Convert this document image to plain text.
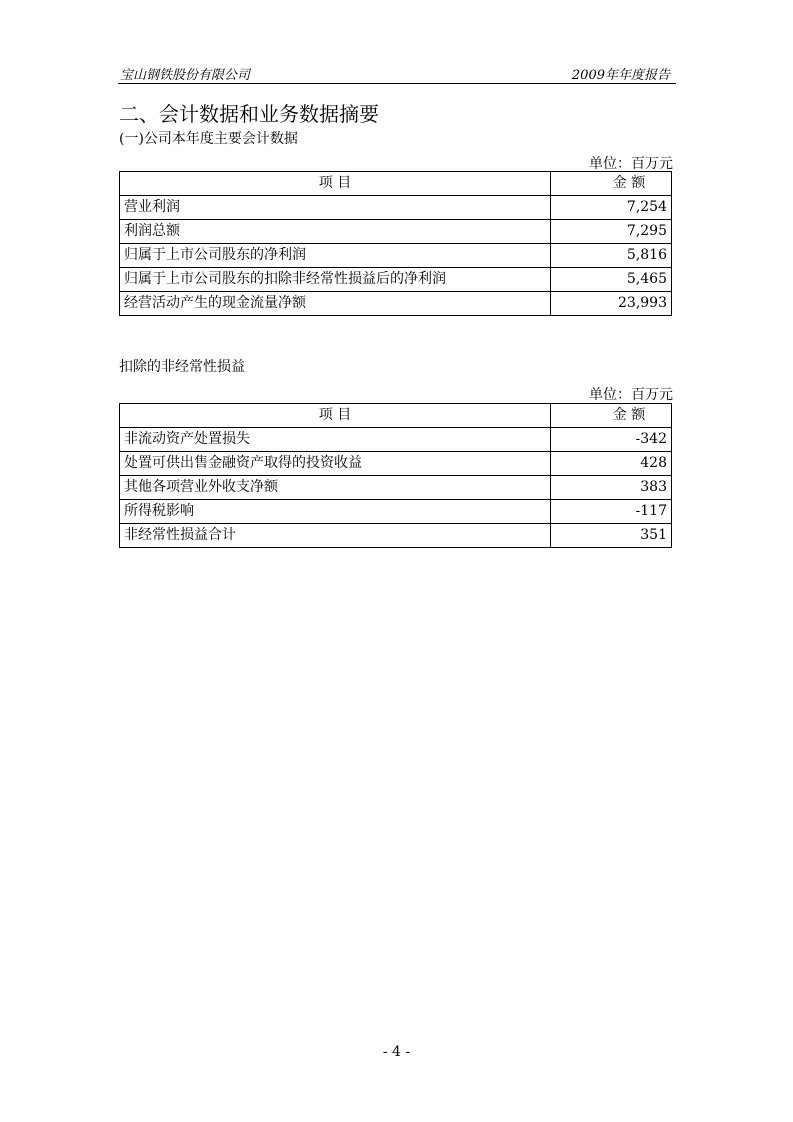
宝山钢铁股份有限公司	2009年年度报告
二、会计数据和业务数据摘要
(一)公司本年度主要会计数据
单位：百万元
项 目	金 额
营业利润	7,254
利润总额	7,295
归属于上市公司股东的净利润	5,816
归属于上市公司股东的扣除非经常性损益后的净利润	5,465
经营活动产生的现金流量净额	23,993
扣除的非经常性损益
单位：百万元
项 目	金 额
非流动资产处置损失	-342
处置可供出售金融资产取得的投资收益	428
其他各项营业外收支净额	383
所得税影响	-117
非经常性损益合计	351
- 4 -
